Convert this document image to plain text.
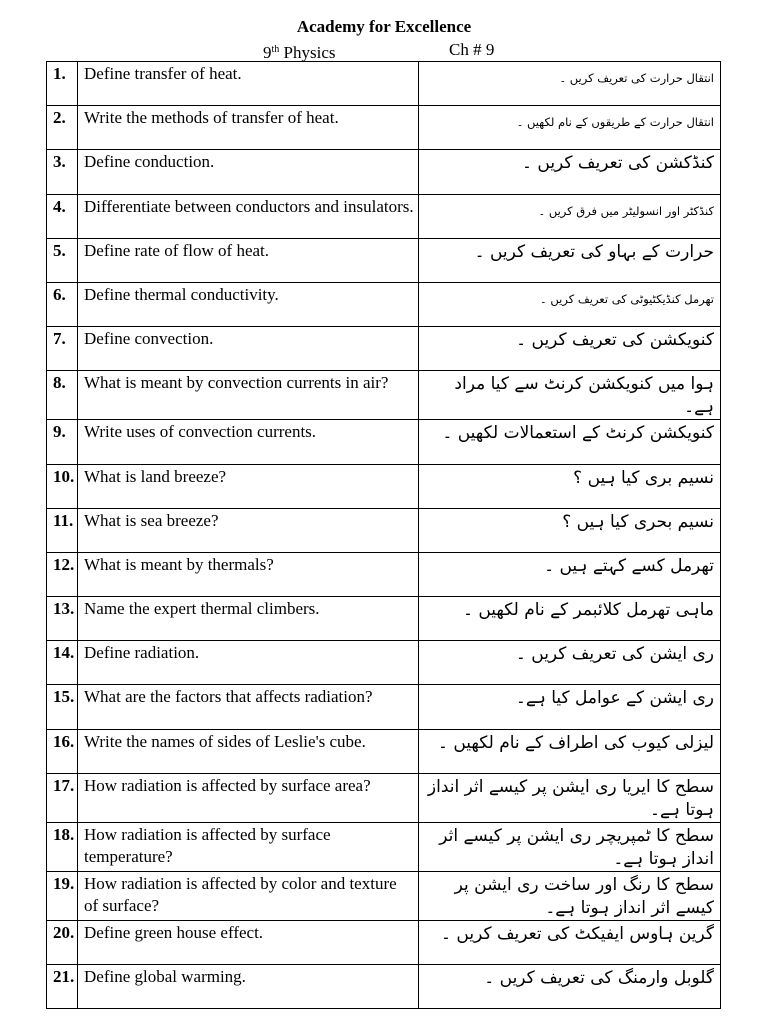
Academy for Excellence
9th Physics	Ch # 9
1.	Define transfer of heat.	انتقال حرارت کی تعریف کریں ۔
2.	Write the methods of transfer of heat.	انتقال حرارت کے طریقوں کے نام لکھیں ۔
3.	Define conduction.	کنڈکشن کی تعریف کریں ۔
4.	Differentiate between conductors and insulators.	کنڈکٹر اور انسولیٹر میں فرق کریں ۔
5.	Define rate of flow of heat.	حرارت کے بہاو کی تعریف کریں ۔
6.	Define thermal conductivity.	تھرمل کنڈیکٹیوٹی کی تعریف کریں ۔
7.	Define convection.	کنویکشن کی تعریف کریں ۔
8.	What is meant by convection currents in air?	ہوا میں کنویکشن کرنٹ سے کیا مراد ہے۔
9.	Write uses of convection currents.	کنویکشن کرنٹ کے استعمالات لکھیں ۔
10.	What is land breeze?	نسیم بری کیا ہیں ؟
11.	What is sea breeze?	نسیم بحری کیا ہیں ؟
12.	What is meant by thermals?	تھرمل کسے کہتے ہیں ۔
13.	Name the expert thermal climbers.	ماہی تھرمل کلائبمر کے نام لکھیں ۔
14.	Define radiation.	ری ایشن کی تعریف کریں ۔
15.	What are the factors that affects radiation?	ری ایشن کے عوامل کیا ہے۔
16.	Write the names of sides of Leslie's cube.	لیزلی کیوب کی اطراف کے نام لکھیں ۔
17.	How radiation is affected by surface area?	سطح کا ایریا ری ایشن پر کیسے اثر انداز ہوتا ہے۔
18.	How radiation is affected by surface temperature?	سطح کا ٹمپریچر ری ایشن پر کیسے اثر انداز ہوتا ہے۔
19.	How radiation is affected by color and texture of surface?	سطح کا رنگ اور ساخت ری ایشن پر کیسے اثر انداز ہوتا ہے۔
20.	Define green house effect.	گرین ہاوس ایفیکٹ کی تعریف کریں ۔
21.	Define global warming.	گلوبل وارمنگ کی تعریف کریں ۔
